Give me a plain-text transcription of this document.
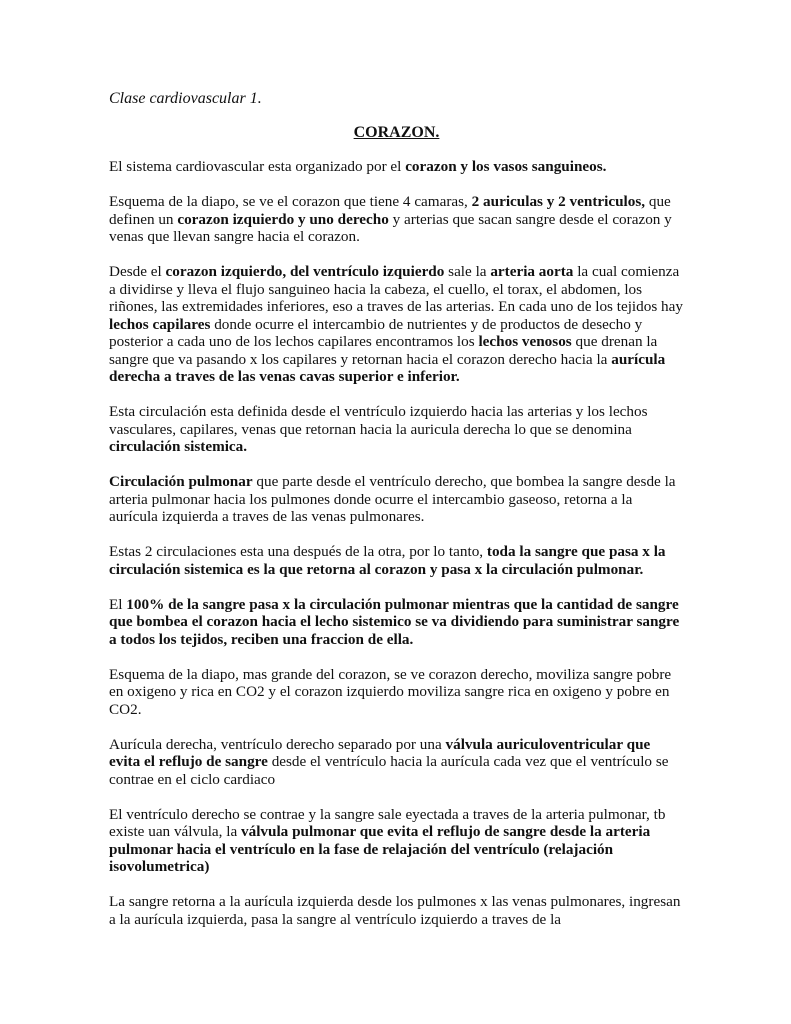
Clase cardiovascular 1.
CORAZON.

El sistema cardiovascular esta organizado por el corazon y los vasos sanguineos.

Esquema de la diapo, se ve el corazon que tiene 4 camaras, 2 auriculas y 2 ventriculos, que definen un corazon izquierdo y uno derecho y arterias que sacan sangre desde el corazon y venas que llevan sangre hacia el corazon.

Desde el corazon izquierdo, del ventrículo izquierdo sale la arteria aorta la cual comienza a dividirse y lleva el flujo sanguineo hacia la cabeza, el cuello, el torax, el abdomen, los riñones, las extremidades inferiores, eso a traves de las arterias. En cada uno de los tejidos hay lechos capilares donde ocurre el intercambio de nutrientes y de productos de desecho y posterior a cada uno de los lechos capilares encontramos los lechos venosos que drenan la sangre que va pasando x los capilares y retornan hacia el corazon derecho hacia la aurícula derecha a traves de las venas cavas superior e inferior.

Esta circulación esta definida desde el ventrículo izquierdo hacia las arterias y los lechos vasculares, capilares, venas que retornan hacia la auricula derecha lo que se denomina circulación sistemica.

Circulación pulmonar que parte desde el ventrículo derecho, que bombea la sangre desde la arteria pulmonar hacia los pulmones donde ocurre el intercambio gaseoso, retorna a la aurícula izquierda a traves de las venas pulmonares.

Estas 2 circulaciones esta una después de la otra, por lo tanto, toda la sangre que pasa x la circulación sistemica es la que retorna al corazon y pasa x la circulación pulmonar.

El 100% de la sangre pasa x la circulación pulmonar mientras que la cantidad de sangre que bombea el corazon hacia el lecho sistemico se va dividiendo para suministrar sangre a todos los tejidos, reciben una fraccion de ella.

Esquema de la diapo, mas grande del corazon, se ve corazon derecho, moviliza sangre pobre en oxigeno y rica en CO2 y el corazon izquierdo moviliza sangre rica en oxigeno y pobre en CO2.

Aurícula derecha, ventrículo derecho separado por una válvula auriculoventricular que evita el reflujo de sangre desde el ventrículo hacia la aurícula cada vez que el ventrículo se contrae en el ciclo cardiaco

El ventrículo derecho se contrae y la sangre sale eyectada a traves de la arteria pulmonar, tb existe uan válvula, la válvula pulmonar que evita el reflujo de sangre desde la arteria pulmonar hacia el ventrículo en la fase de relajación del ventrículo (relajación isovolumetrica)

La sangre retorna a la aurícula izquierda desde los pulmones x las venas pulmonares, ingresan a la aurícula izquierda, pasa la sangre al ventrículo izquierdo a traves de la
